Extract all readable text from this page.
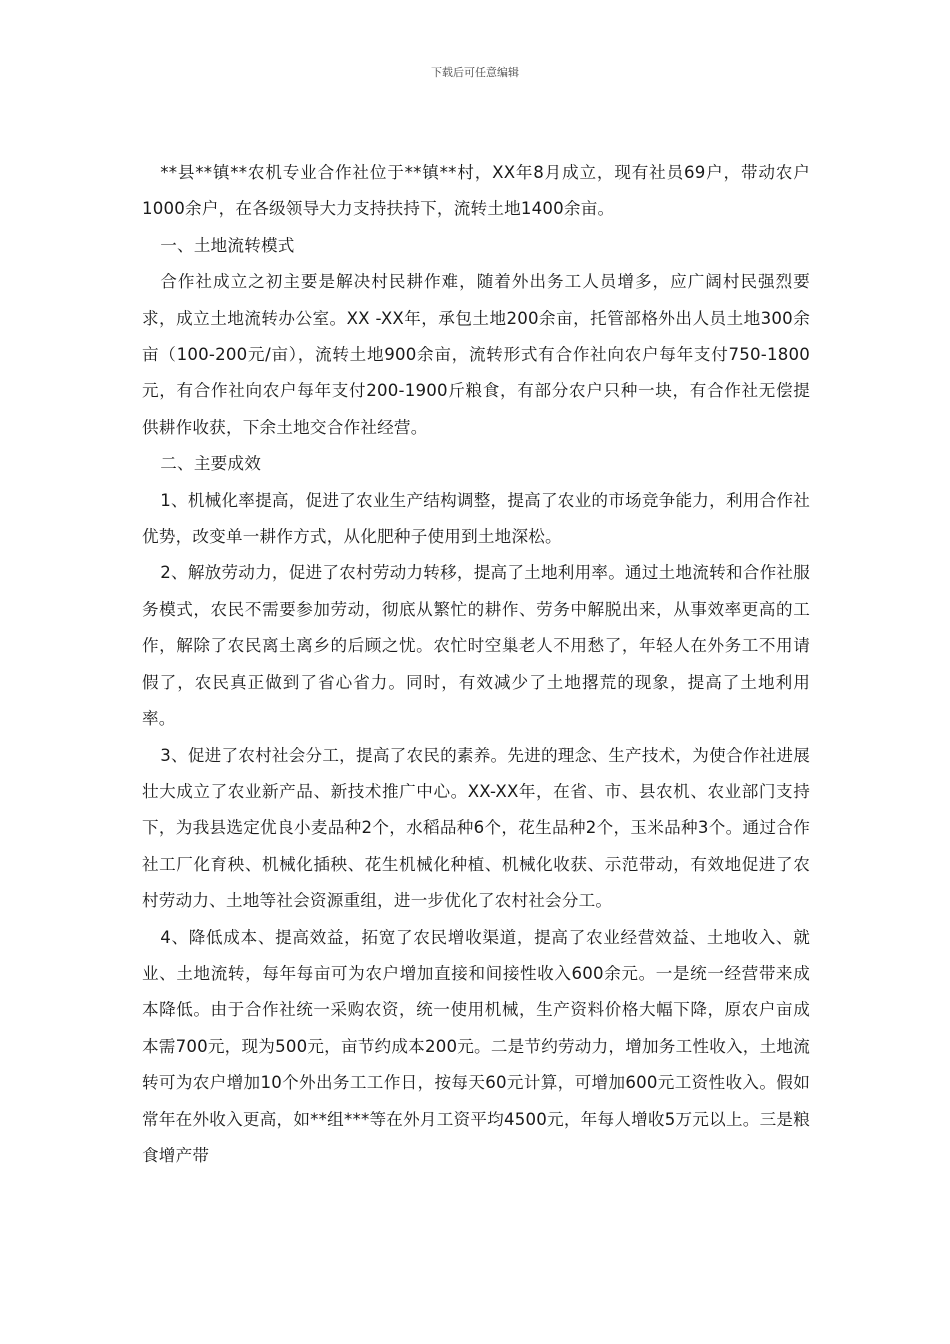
下载后可任意编辑

**县**镇**农机专业合作社位于**镇**村，XX年8月成立，现有社员69户，带动农户1000余户，在各级领导大力支持扶持下，流转土地1400余亩。

一、土地流转模式

合作社成立之初主要是解决村民耕作难，随着外出务工人员增多，应广阔村民强烈要求，成立土地流转办公室。XX -XX年，承包土地200余亩，托管部格外出人员土地300余亩（100-200元/亩），流转土地900余亩，流转形式有合作社向农户每年支付750-1800元，有合作社向农户每年支付200-1900斤粮食，有部分农户只种一块，有合作社无偿提供耕作收获，下余土地交合作社经营。

二、主要成效

1、机械化率提高，促进了农业生产结构调整，提高了农业的市场竞争能力，利用合作社优势，改变单一耕作方式，从化肥种子使用到土地深松。

2、解放劳动力，促进了农村劳动力转移，提高了土地利用率。通过土地流转和合作社服务模式，农民不需要参加劳动，彻底从繁忙的耕作、劳务中解脱出来，从事效率更高的工作，解除了农民离土离乡的后顾之忧。农忙时空巢老人不用愁了，年轻人在外务工不用请假了，农民真正做到了省心省力。同时，有效减少了土地撂荒的现象，提高了土地利用率。

3、促进了农村社会分工，提高了农民的素养。先进的理念、生产技术，为使合作社进展壮大成立了农业新产品、新技术推广中心。XX-XX年，在省、市、县农机、农业部门支持下，为我县选定优良小麦品种2个，水稻品种6个，花生品种2个，玉米品种3个。通过合作社工厂化育秧、机械化插秧、花生机械化种植、机械化收获、示范带动，有效地促进了农村劳动力、土地等社会资源重组，进一步优化了农村社会分工。

4、降低成本、提高效益，拓宽了农民增收渠道，提高了农业经营效益、土地收入、就业、土地流转，每年每亩可为农户增加直接和间接性收入600余元。一是统一经营带来成本降低。由于合作社统一采购农资，统一使用机械，生产资料价格大幅下降，原农户亩成本需700元，现为500元，亩节约成本200元。二是节约劳动力，增加务工性收入，土地流转可为农户增加10个外出务工工作日，按每天60元计算，可增加600元工资性收入。假如常年在外收入更高，如**组***等在外月工资平均4500元，年每人增收5万元以上。三是粮食增产带
